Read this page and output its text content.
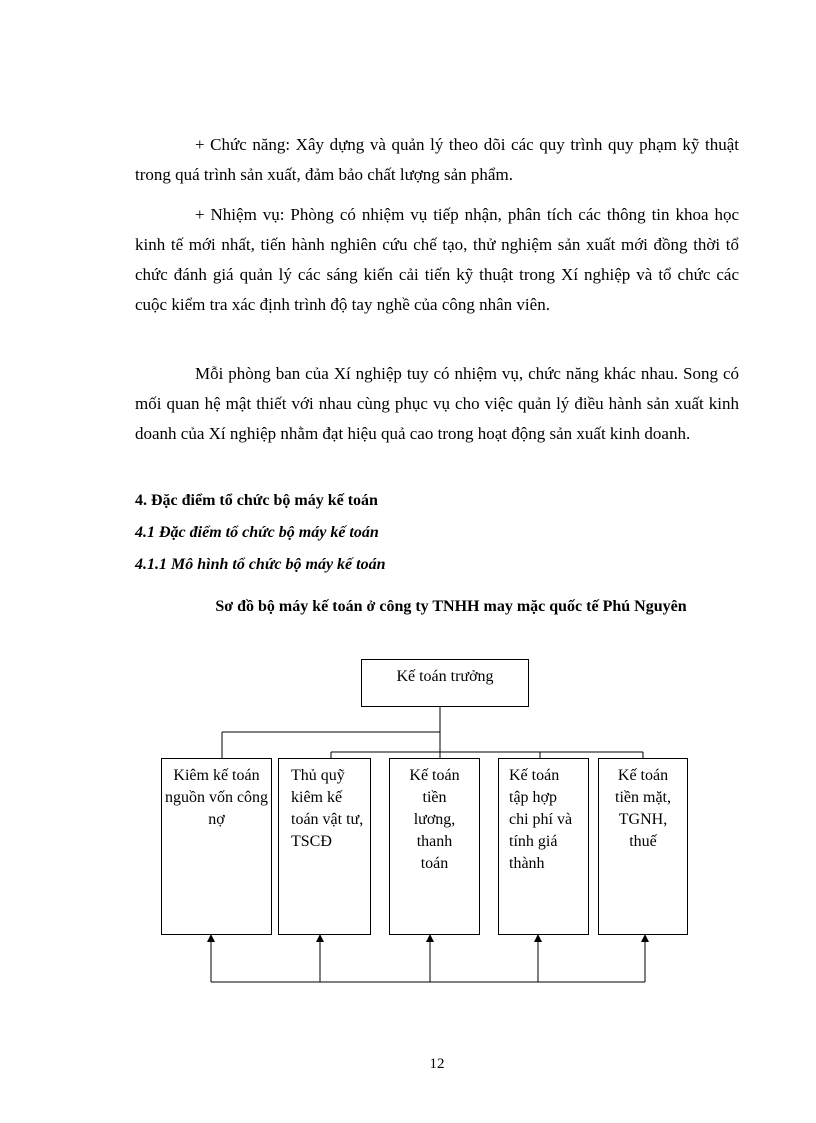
+ Chức năng: Xây dựng và quản lý theo dõi các quy trình quy phạm kỹ thuật trong quá trình sản xuất, đảm bảo chất lượng sản phẩm.

+ Nhiệm vụ: Phòng có nhiệm vụ tiếp nhận, phân tích các thông tin khoa học kinh tế mới nhất, tiến hành nghiên cứu chế tạo, thử nghiệm sản xuất mới đồng thời tổ chức đánh giá quản lý các sáng kiến cải tiến kỹ thuật trong Xí nghiệp và tổ chức các cuộc kiểm tra xác định trình độ tay nghề của công nhân viên.

Mỗi phòng ban của Xí nghiệp tuy có nhiệm vụ, chức năng khác nhau. Song có mối quan hệ mật thiết với nhau cùng phục vụ cho việc quản lý điều hành sản xuất kinh doanh của Xí nghiệp nhằm đạt hiệu quả cao trong hoạt động sản xuất kinh doanh.

4. Đặc điểm tổ chức bộ máy kế toán

4.1 Đặc điểm tổ chức bộ máy kế toán

4.1.1 Mô hình tổ chức bộ máy kế toán

Sơ đồ bộ máy kế toán ở công ty TNHH may mặc quốc tế Phú Nguyên
Kế toán trưởng
Kiêm kế toán nguồn vốn công nợ
Thủ quỹ kiêm kế toán vật tư, TSCĐ
Kế toán tiền lương, thanh toán
Kế toán tập hợp chi phí và tính giá thành
Kế toán tiền mặt, TGNH, thuế
12
